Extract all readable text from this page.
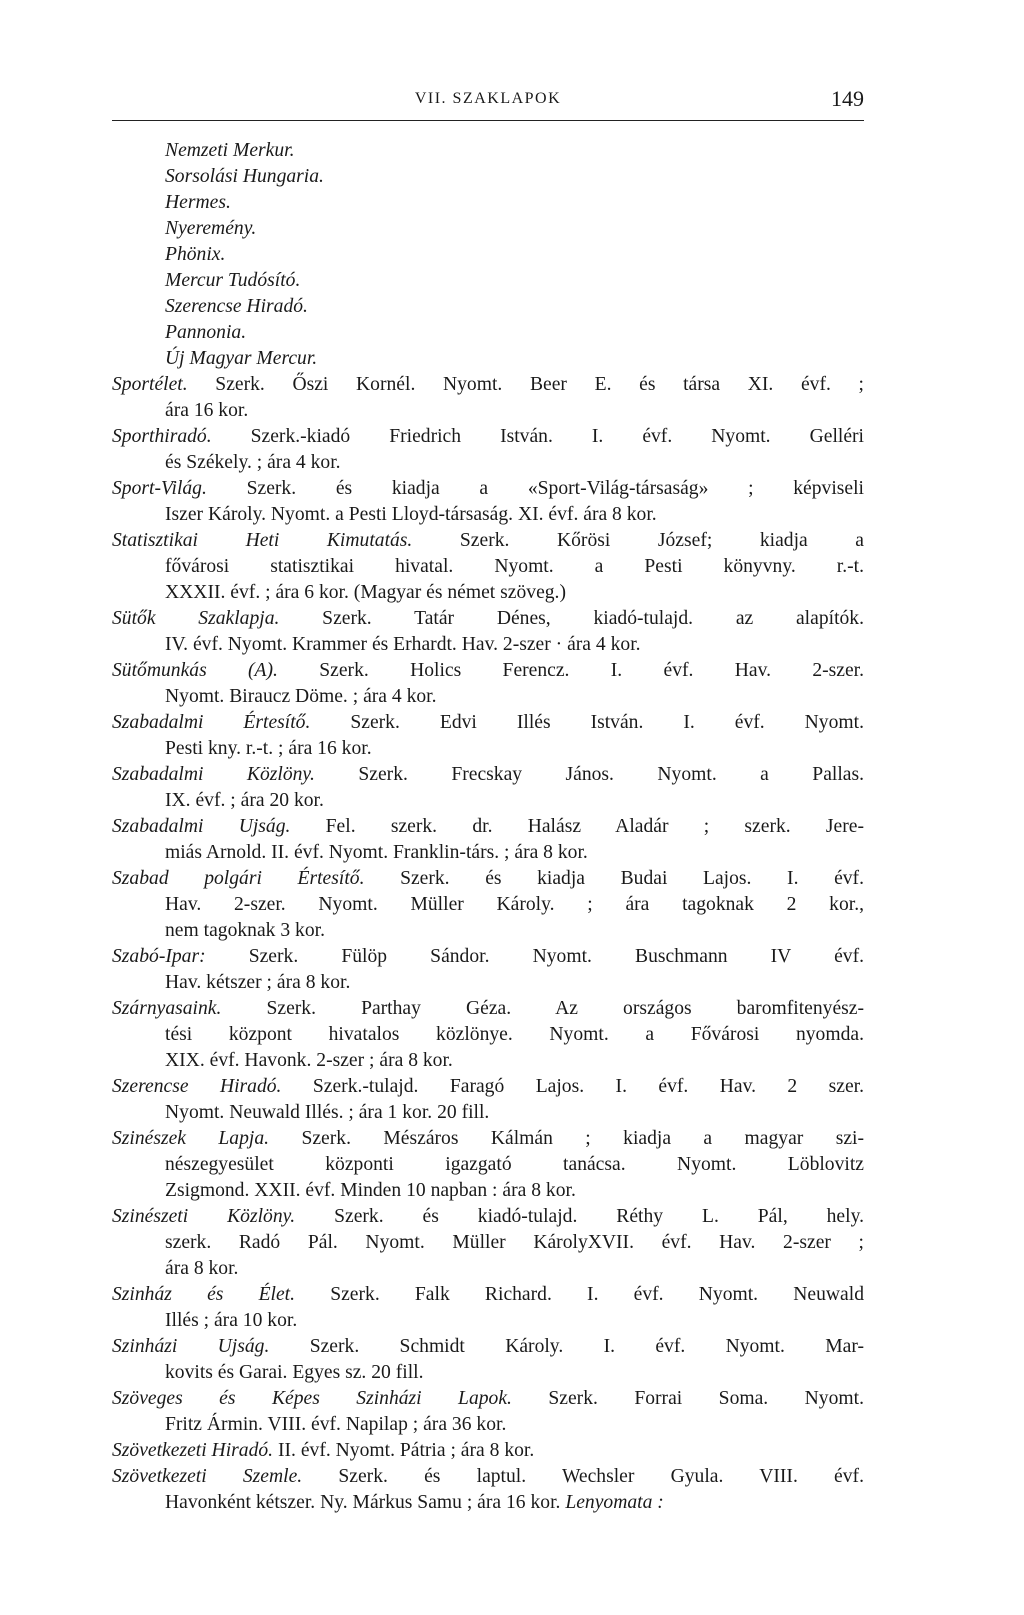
VII. SZAKLAPOK	149
Nemzeti Merkur.
Sorsolási Hungaria.
Hermes.
Nyeremény.
Phönix.
Mercur Tudósító.
Szerencse Hiradó.
Pannonia.
Új Magyar Mercur.
Sportélet. Szerk. Őszi Kornél. Nyomt. Beer E. és társa XI. évf. ;
ára 16 kor.
Sporthiradó. Szerk.-kiadó Friedrich István. I. évf. Nyomt. Gelléri
és Székely. ; ára 4 kor.
Sport-Világ. Szerk. és kiadja a «Sport-Világ-társaság» ; képviseli
Iszer Károly. Nyomt. a Pesti Lloyd-társaság. XI. évf. ára 8 kor.
Statisztikai Heti Kimutatás. Szerk. Kőrösi József; kiadja a
fővárosi statisztikai hivatal. Nyomt. a Pesti könyvny. r.-t.
XXXII. évf. ; ára 6 kor. (Magyar és német szöveg.)
Sütők Szaklapja. Szerk. Tatár Dénes, kiadó-tulajd. az alapítók.
IV. évf. Nyomt. Krammer és Erhardt. Hav. 2-szer · ára 4 kor.
Sütőmunkás (A). Szerk. Holics Ferencz. I. évf. Hav. 2-szer.
Nyomt. Birauсz Döme. ; ára 4 kor.
Szabadalmi Értesítő. Szerk. Edvi Illés István. I. évf. Nyomt.
Pesti kny. r.-t. ; ára 16 kor.
Szabadalmi Közlöny. Szerk. Frecskay János. Nyomt. a Pallas.
IX. évf. ; ára 20 kor.
Szabadalmi Ujság. Fel. szerk. dr. Halász Aladár ; szerk. Jere-
miás Arnold. II. évf. Nyomt. Franklin-társ. ; ára 8 kor.
Szabad polgári Értesítő. Szerk. és kiadja Budai Lajos. I. évf.
Hav. 2-szer. Nyomt. Müller Károly. ; ára tagoknak 2 kor.,
nem tagoknak 3 kor.
Szabó-Ipar: Szerk. Fülöp Sándor. Nyomt. Buschmann IV évf.
Hav. kétszer ; ára 8 kor.
Szárnyasaink. Szerk. Parthay Géza. Az országos baromfitenyész-
tési központ hivatalos közlönye. Nyomt. a Fővárosi nyomda.
XIX. évf. Havonk. 2-szer ; ára 8 kor.
Szerencse Hiradó. Szerk.-tulajd. Faragó Lajos. I. évf. Hav. 2 szer.
Nyomt. Neuwald Illés. ; ára 1 kor. 20 fill.
Szinészek Lapja. Szerk. Mészáros Kálmán ; kiadja a magyar szi-
nészegyesület központi igazgató tanácsa. Nyomt. Löblovitz
Zsigmond. XXII. évf. Minden 10 napban : ára 8 kor.
Szinészeti Közlöny. Szerk. és kiadó-tulajd. Réthy L. Pál, hely.
szerk. Radó Pál. Nyomt. Müller KárolyXVII. évf. Hav. 2-szer ;
ára 8 kor.
Szinház és Élet. Szerk. Falk Richard. I. évf. Nyomt. Neuwald
Illés ; ára 10 kor.
Szinházi Ujság. Szerk. Schmidt Károly. I. évf. Nyomt. Mar-
kovits és Garai. Egyes sz. 20 fill.
Szöveges és Képes Szinházi Lapok. Szerk. Forrai Soma. Nyomt.
Fritz Ármin. VIII. évf. Napilap ; ára 36 kor.
Szövetkezeti Hiradó. II. évf. Nyomt. Pátria ; ára 8 kor.
Szövetkezeti Szemle. Szerk. és laptul. Wechsler Gyula. VIII. évf.
Havonként kétszer. Ny. Márkus Samu ; ára 16 kor. Lenyomata :
